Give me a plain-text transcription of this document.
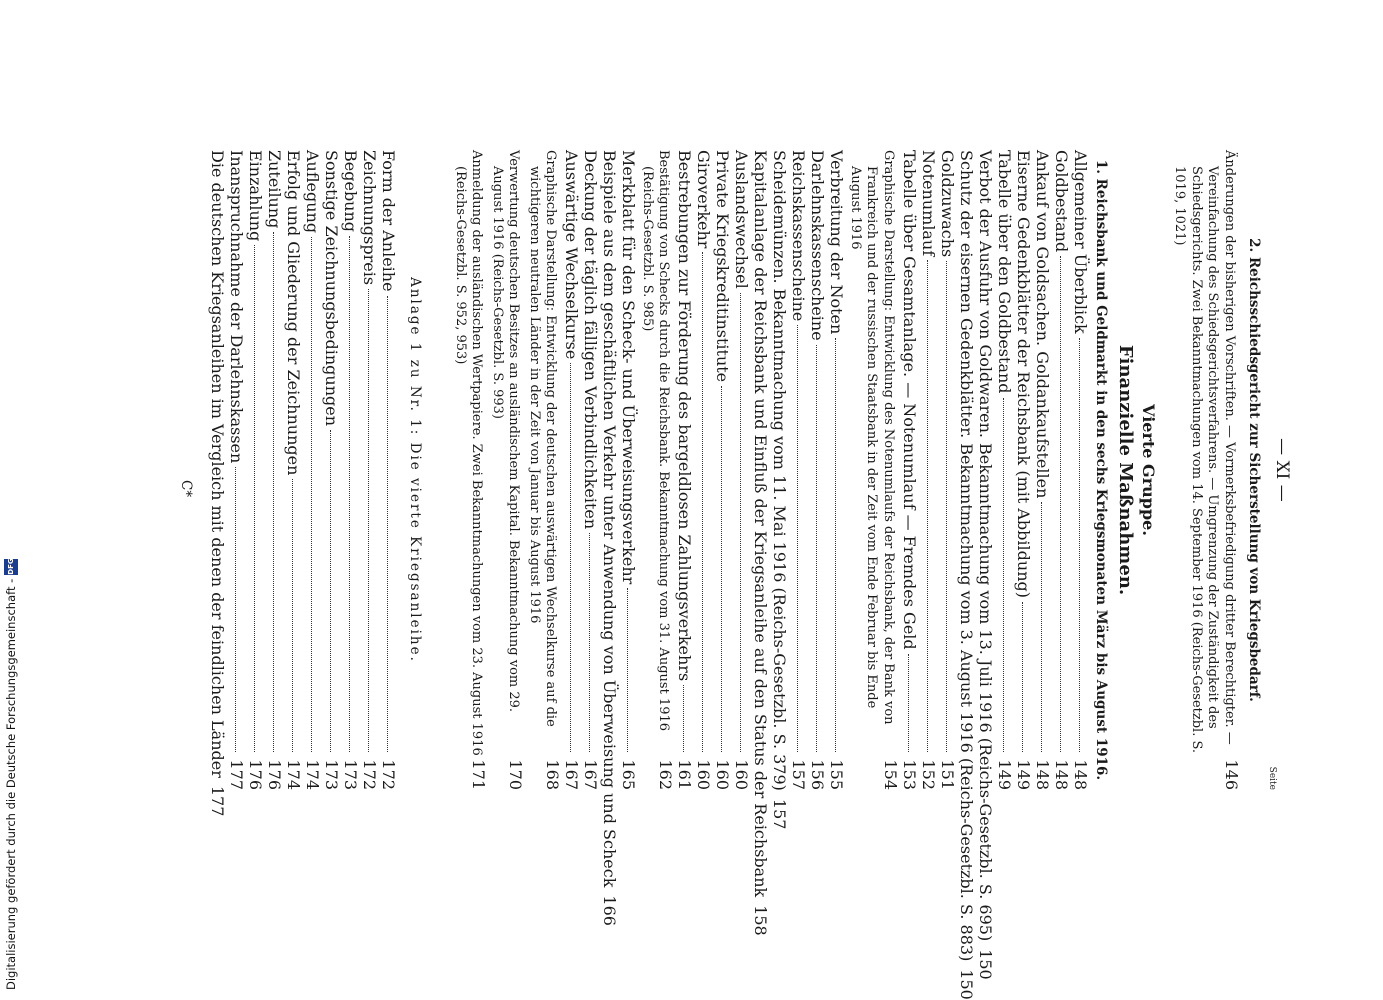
— XI —
Seite
2. Reichsschiedsgericht zur Sicherstellung von Kriegsbedarf.
Änderungen der bisherigen Vorschriften. — Vormerksbefriedigung dritter Berechtigter. — Vereinfachung des Schiedsgerichtsverfahrens. — Umgrenzung der Zuständigkeit des Schiedsgerichts. Zwei Bekanntmachungen vom 14. September 1916 (Reichs-Gesetzbl. S. 1019, 1021)
146
Vierte Gruppe.
Finanzielle Maßnahmen.
1. Reichsbank und Geldmarkt in den sechs Kriegsmonaten März bis August 1916.
Allgemeiner Überblick
148
Goldbestand
148
Ankauf von Goldsachen. Goldankaufstellen
148
Eiserne Gedenkblätter der Reichsbank (mit Abbildung)
149
Tabelle über den Goldbestand
149
Verbot der Ausfuhr von Goldwaren. Bekanntmachung vom 13. Juli 1916 (Reichs-Gesetzbl. S. 695)
150
Schutz der eisernen Gedenkblätter. Bekanntmachung vom 3. August 1916 (Reichs-Gesetzbl. S. 883)
150
Goldzuwachs
151
Notenumlauf
152
Tabelle über Gesamtanlage. — Notenumlauf — Fremdes Geld
153
Graphische Darstellung: Entwicklung des Notenumlaufs der Reichsbank, der Bank von Frankreich und der russischen Staatsbank in der Zeit vom Ende Februar bis Ende August 1916
154
Verbreitung der Noten
155
Darlehnskassenscheine
156
Reichskassenscheine
157
Scheidemünzen. Bekanntmachung vom 11. Mai 1916 (Reichs-Gesetzbl. S. 379)
157
Kapitalanlage der Reichsbank und Einfluß der Kriegsanleihe auf den Status der Reichsbank
158
Auslandswechsel
160
Private Kriegskreditinstitute
160
Giroverkehr
160
Bestrebungen zur Förderung des bargeldlosen Zahlungsverkehrs
161
Bestätigung von Schecks durch die Reichsbank. Bekanntmachung vom 31. August 1916 (Reichs-Gesetzbl. S. 985)
162
Merkblatt für den Scheck- und Überweisungsverkehr
165
Beispiele aus dem geschäftlichen Verkehr unter Anwendung von Überweisung und Scheck
166
Deckung der täglich fälligen Verbindlichkeiten
167
Auswärtige Wechselkurse
167
Graphische Darstellung: Entwicklung der deutschen auswärtigen Wechselkurse auf die wichtigeren neutralen Länder in der Zeit von Januar bis August 1916
168
Verwertung deutschen Besitzes an ausländischem Kapital. Bekanntmachung vom 29. August 1916 (Reichs-Gesetzbl. S. 993)
170
Anmeldung der ausländischen Wertpapiere. Zwei Bekanntmachungen vom 23. August 1916 (Reichs-Gesetzbl. S. 952, 953)
171
Anlage 1 zu Nr. 1: Die vierte Kriegsanleihe.
Form der Anleihe
172
Zeichnungspreis
172
Begebung
173
Sonstige Zeichnungsbedingungen
173
Auflegung
174
Erfolg und Gliederung der Zeichnungen
174
Zuteilung
176
Einzahlung
176
Inanspruchnahme der Darlehnskassen
177
Die deutschen Kriegsanleihen im Vergleich mit denen der feindlichen Länder
177
C*
Digitalisierung gefördert durch die Deutsche Forschungsgemeinschaft -
DFG
